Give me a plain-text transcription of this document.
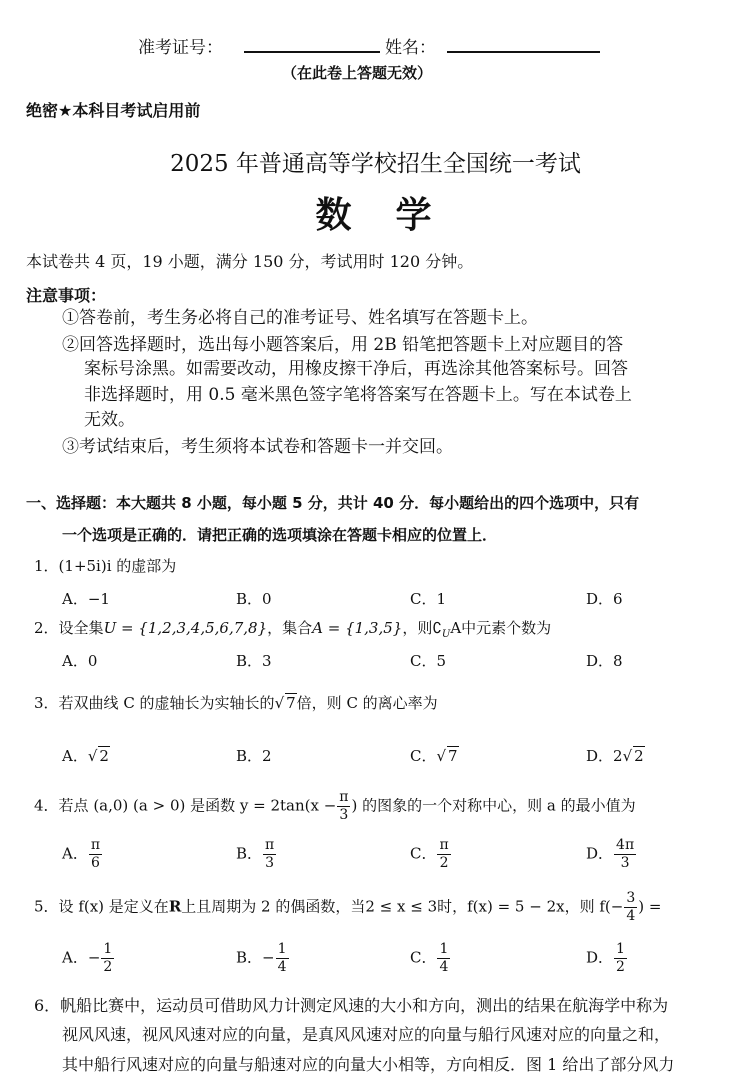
准考证号：	姓名：
（在此卷上答题无效）
绝密★本科目考试启用前
2025 年普通高等学校招生全国统一考试
数　学
本试卷共 4 页，19 小题，满分 150 分，考试用时 120 分钟。
注意事项：
①答卷前，考生务必将自己的准考证号、姓名填写在答题卡上。
②回答选择题时，选出每小题答案后，用 2B 铅笔把答题卡上对应题目的答
案标号涂黑。如需要改动，用橡皮擦干净后，再选涂其他答案标号。回答
非选择题时，用 0.5 毫米黑色签字笔将答案写在答题卡上。写在本试卷上
无效。
③考试结束后，考生须将本试卷和答题卡一并交回。
一、选择题：本大题共 8 小题，每小题 5 分，共计 40 分．每小题给出的四个选项中，只有
一个选项是正确的．请把正确的选项填涂在答题卡相应的位置上．
1．(1+5i)i 的虚部为
A．−1	B．0	C．1	D．6
2．设全集U = {1,2,3,4,5,6,7,8}，集合A = {1,3,5}，则$∁_UA$中元素个数为
A．0	B．3	C．5	D．8
3．若双曲线 C 的虚轴长为实轴长的√ 7倍，则 C 的离心率为
A．√ 2	B．2	C．√ 7	D．2√ 2
4．若点 (a,0) (a > 0) 是函数 $y = 2\tan(x - \frac{\pi}{3}$ ) 的图象的一个对称中心，则 a 的最小值为
A． $\frac{\pi}{6}$	B． $\frac{\pi}{3}$	C． $\frac{\pi}{2}$	D． $\frac{4\pi}{3}$
5．设 f(x) 是定义在R上且周期为 2 的偶函数，当2 ≤ x ≤ 3时，f(x) = 5 − 2x，则 $f(- \frac{3}{4}$ ) =
A．− $\frac{1}{2}$	B．− $\frac{1}{4}$	C． $\frac{1}{4}$	D． $\frac{1}{2}$
6．帆船比赛中，运动员可借助风力计测定风速的大小和方向，测出的结果在航海学中称为
视风风速，视风风速对应的向量，是真风风速对应的向量与船行风速对应的向量之和，
其中船行风速对应的向量与船速对应的向量大小相等，方向相反．图 1 给出了部分风力
